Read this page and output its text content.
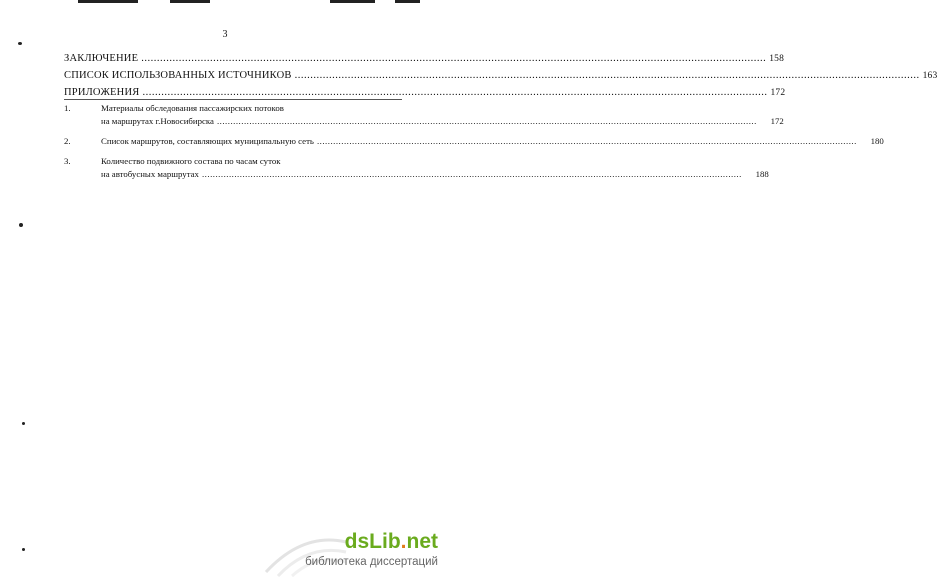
3
ЗАКЛЮЧЕНИЕ .....	158
СПИСОК ИСПОЛЬЗОВАННЫХ ИСТОЧНИКОВ .....	163
ПРИЛОЖЕНИЯ .....	172
1.	Материалы обследования пассажирских потоков
на маршрутах г.Новосибирска .....	172
2.	Список маршрутов, составляющих муниципальную сеть .....	180
3.	Количество подвижного состава по часам суток
на автобусных маршрутах .....	188
dsLib.net
библиотека диссертаций
